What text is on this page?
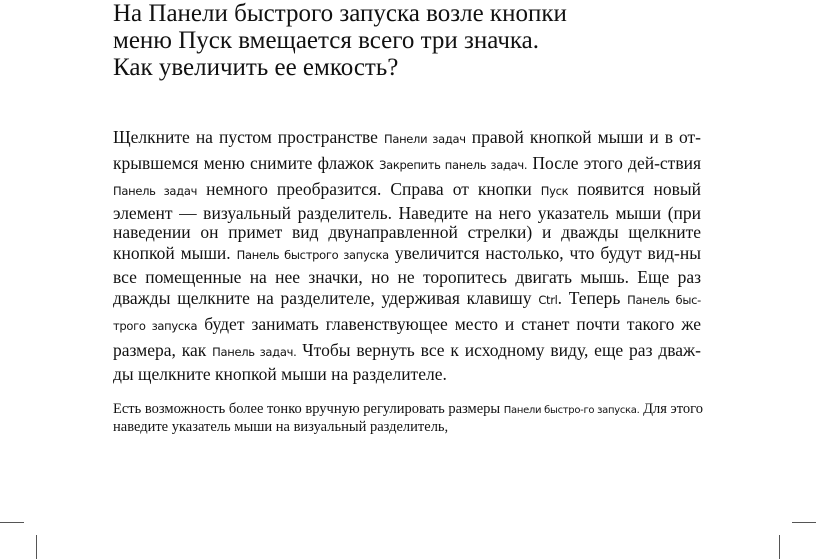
На Панели быстрого запуска возле кнопки
меню Пуск вмещается всего три значка.
Как увеличить ее емкость?

Щелкните на пустом пространстве Панели задач правой кнопкой мыши и в от-крывшемся меню снимите флажок Закрепить панель задач. После этого дей-ствия Панель задач немного преобразится. Справа от кнопки Пуск появится новый элемент — визуальный разделитель. Наведите на него указатель мыши (при наведении он примет вид двунаправленной стрелки) и дважды щелкните кнопкой мыши. Панель быстрого запуска увеличится настолько, что будут вид-ны все помещенные на нее значки, но не торопитесь двигать мышь. Еще раз дважды щелкните на разделителе, удерживая клавишу Ctrl. Теперь Панель быс-трого запуска будет занимать главенствующее место и станет почти такого же размера, как Панель задач. Чтобы вернуть все к исходному виду, еще раз дваж-ды щелкните кнопкой мыши на разделителе.

Есть возможность более тонко вручную регулировать размеры Панели быстро-го запуска. Для этого наведите указатель мыши на визуальный разделитель,
